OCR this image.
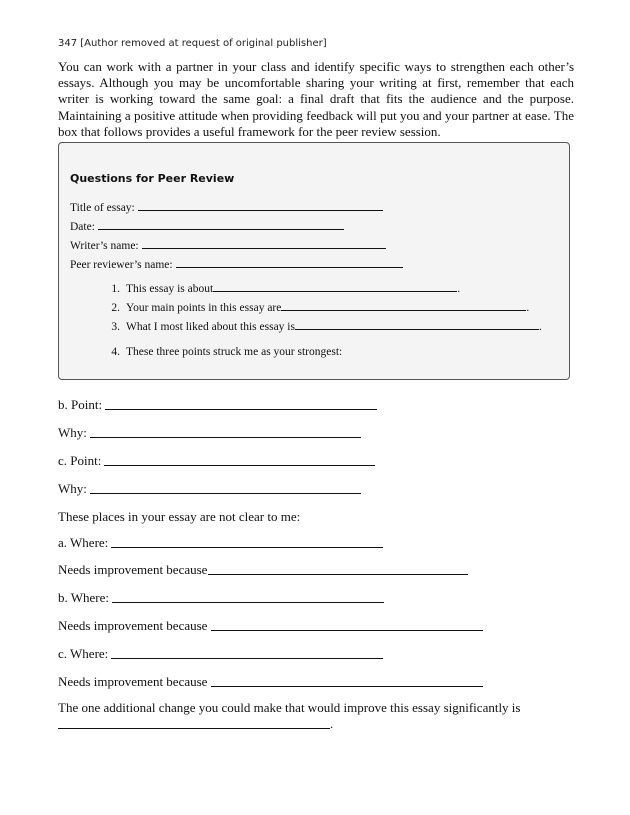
347 [Author removed at request of original publisher]

You can work with a partner in your class and identify specific ways to strengthen each other’s essays. Although you may be uncomfortable sharing your writing at first, remember that each writer is working toward the same goal: a final draft that fits the audience and the purpose. Maintaining a positive attitude when providing feedback will put you and your partner at ease. The box that follows provides a useful framework for the peer review session.

Questions for Peer Review
Title of essay:
Date:
Writer’s name:
Peer reviewer’s name:
1. This essay is about	.
2. Your main points in this essay are	.
3. What I most liked about this essay is	.
4. These three points struck me as your strongest:
b. Point:
Why:
c. Point:
Why:
These places in your essay are not clear to me:
a. Where:
Needs improvement because
b. Where:
Needs improvement because
c. Where:
Needs improvement because
The one additional change you could make that would improve this essay significantly is
.
